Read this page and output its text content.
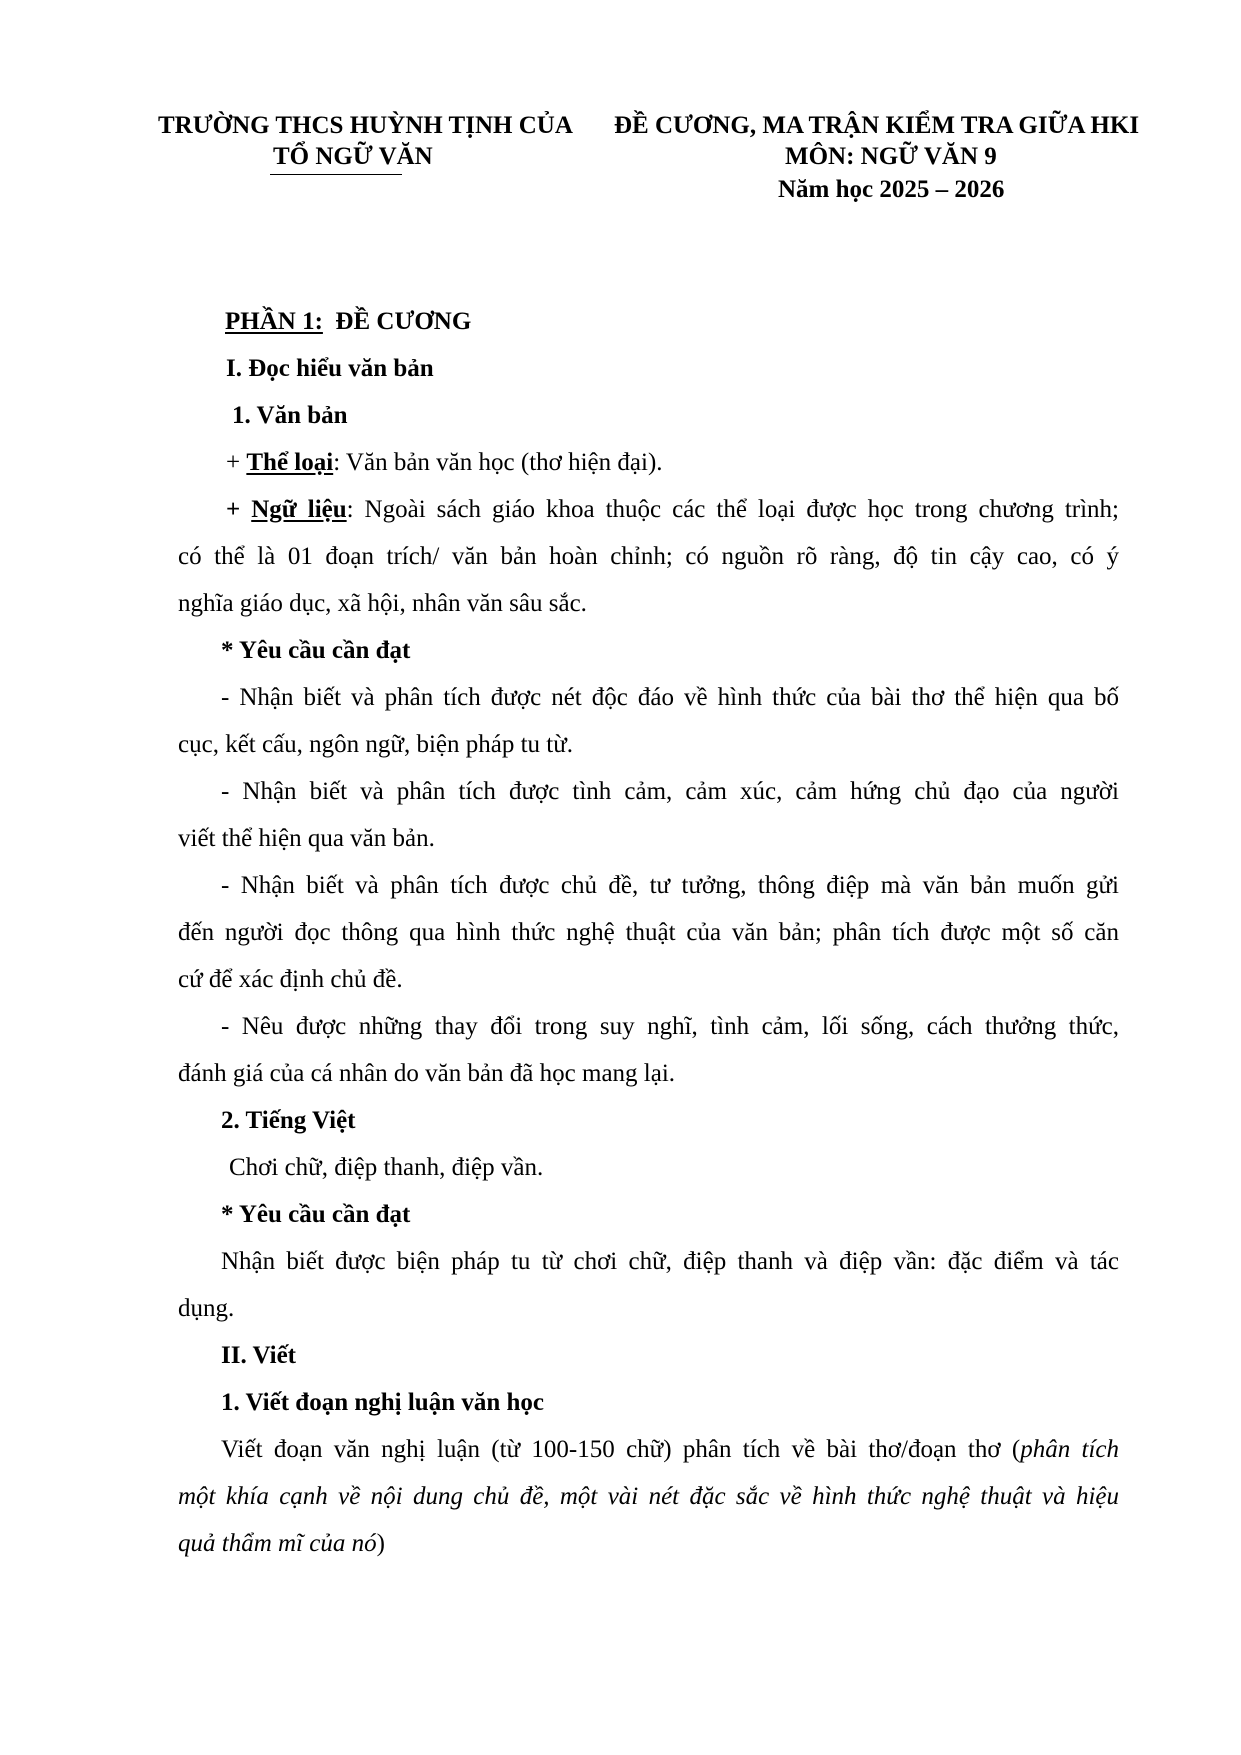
TRƯỜNG THCS HUỲNH TỊNH CỦA
TỔ NGỮ VĂN
ĐỀ CƯƠNG, MA TRẬN KIỂM TRA GIỮA HKI
MÔN: NGỮ VĂN 9
Năm học 2025 – 2026
PHẦN 1: ĐỀ CƯƠNG
I. Đọc hiểu văn bản
1. Văn bản
+ Thể loại: Văn bản văn học (thơ hiện đại).
+ Ngữ liệu: Ngoài sách giáo khoa thuộc các thể loại được học trong chương trình;
có thể là 01 đoạn trích/ văn bản hoàn chỉnh; có nguồn rõ ràng, độ tin cậy cao, có ý
nghĩa giáo dục, xã hội, nhân văn sâu sắc.
* Yêu cầu cần đạt
- Nhận biết và phân tích được nét độc đáo về hình thức của bài thơ thể hiện qua bố
cục, kết cấu, ngôn ngữ, biện pháp tu từ.
- Nhận biết và phân tích được tình cảm, cảm xúc, cảm hứng chủ đạo của người
viết thể hiện qua văn bản.
- Nhận biết và phân tích được chủ đề, tư tưởng, thông điệp mà văn bản muốn gửi
đến người đọc thông qua hình thức nghệ thuật của văn bản; phân tích được một số căn
cứ để xác định chủ đề.
- Nêu được những thay đổi trong suy nghĩ, tình cảm, lối sống, cách thưởng thức,
đánh giá của cá nhân do văn bản đã học mang lại.
2. Tiếng Việt
Chơi chữ, điệp thanh, điệp vần.
* Yêu cầu cần đạt
Nhận biết được biện pháp tu từ chơi chữ, điệp thanh và điệp vần: đặc điểm và tác
dụng.
II. Viết
1. Viết đoạn nghị luận văn học
Viết đoạn văn nghị luận (từ 100-150 chữ) phân tích về bài thơ/đoạn thơ (phân tích
một khía cạnh về nội dung chủ đề, một vài nét đặc sắc về hình thức nghệ thuật và hiệu
quả thẩm mĩ của nó)
